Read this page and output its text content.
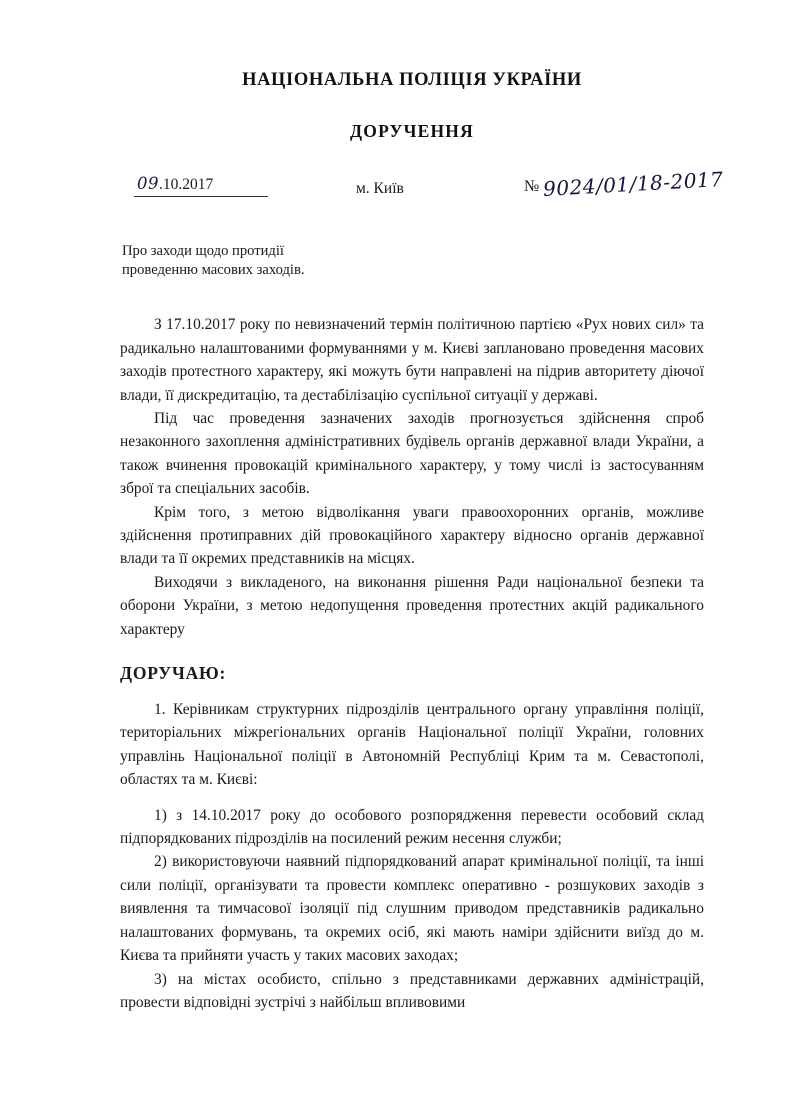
НАЦІОНАЛЬНА ПОЛІЦІЯ УКРАЇНИ
ДОРУЧЕННЯ
09.10.2017	м. Київ	№ 9024/01/18-2017
Про заходи щодо протидії
проведенню масових заходів.

З 17.10.2017 року по невизначений термін політичною партією «Рух нових сил» та радикально налаштованими формуваннями у м. Києві заплановано проведення масових заходів протестного характеру, які можуть бути направлені на підрив авторитету діючої влади, її дискредитацію, та дестабілізацію суспільної ситуації у державі.

Під час проведення зазначених заходів прогнозується здійснення спроб незаконного захоплення адміністративних будівель органів державної влади України, а також вчинення провокацій кримінального характеру, у тому числі із застосуванням зброї та спеціальних засобів.

Крім того, з метою відволікання уваги правоохоронних органів, можливе здійснення протиправних дій провокаційного характеру відносно органів державної влади та її окремих представників на місцях.

Виходячи з викладеного, на виконання рішення Ради національної безпеки та оборони України, з метою недопущення проведення протестних акцій радикального характеру

ДОРУЧАЮ:

1. Керівникам структурних підрозділів центрального органу управління поліції, територіальних міжрегіональних органів Національної поліції України, головних управлінь Національної поліції в Автономній Республіці Крим та м. Севастополі, областях та м. Києві:

1) з 14.10.2017 року до особового розпорядження перевести особовий склад підпорядкованих підрозділів на посилений режим несення служби;

2) використовуючи наявний підпорядкований апарат кримінальної поліції, та інші сили поліції, організувати та провести комплекс оперативно - розшукових заходів з виявлення та тимчасової ізоляції під слушним приводом представників радикально налаштованих формувань, та окремих осіб, які мають наміри здійснити виїзд до м. Києва та прийняти участь у таких масових заходах;

3) на містах особисто, спільно з представниками державних адміністрацій, провести відповідні зустрічі з найбільш впливовими
